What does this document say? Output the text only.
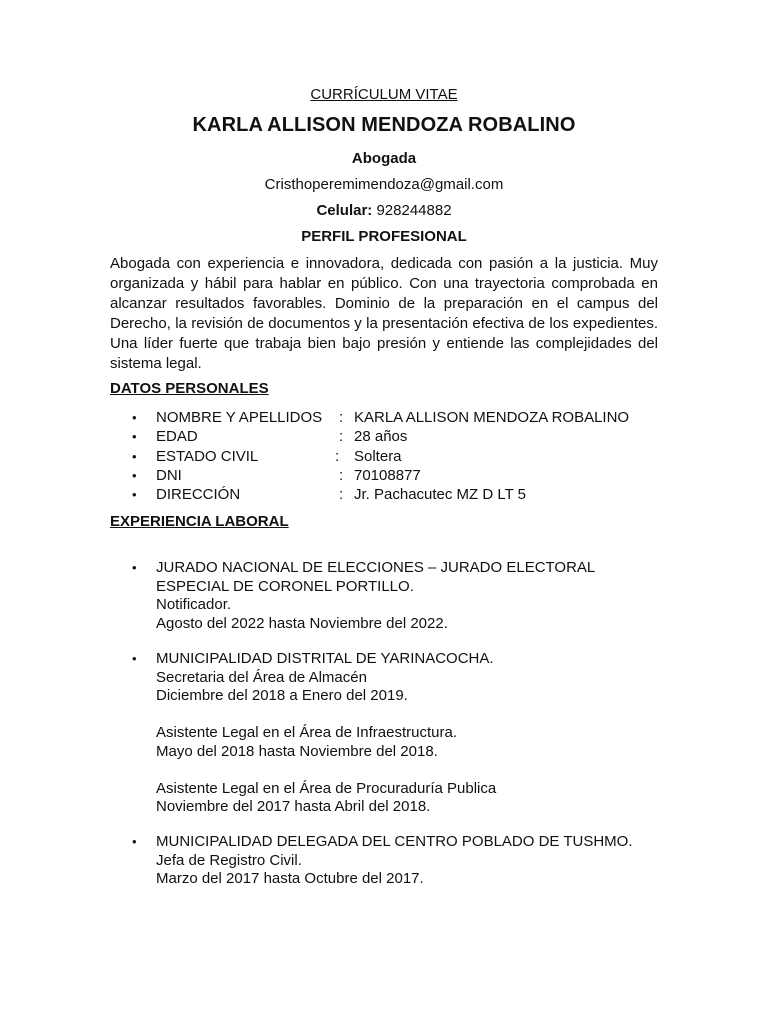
CURRÍCULUM VITAE
KARLA ALLISON MENDOZA ROBALINO
Abogada
Cristhoperemimendoza@gmail.com
Celular: 928244882
PERFIL PROFESIONAL
Abogada con experiencia e innovadora, dedicada con pasión a la justicia. Muy organizada y hábil para hablar en público. Con una trayectoria comprobada en alcanzar resultados favorables. Dominio de la preparación en el campus del Derecho, la revisión de documentos y la presentación efectiva de los expedientes. Una líder fuerte que trabaja bien bajo presión y entiende las complejidades del sistema legal.
DATOS PERSONALES
• NOMBRE Y APELLIDOS : KARLA ALLISON MENDOZA ROBALINO
• EDAD	: 28 años
• ESTADO CIVIL	: Soltera
• DNI	: 70108877
• DIRECCIÓN	: Jr. Pachacutec MZ D LT 5
EXPERIENCIA LABORAL
• JURADO NACIONAL DE ELECCIONES – JURADO ELECTORAL
ESPECIAL DE CORONEL PORTILLO.
Notificador.
Agosto del 2022 hasta Noviembre del 2022.
• MUNICIPALIDAD DISTRITAL DE YARINACOCHA.
Secretaria del Área de Almacén
Diciembre del 2018 a Enero del 2019.
Asistente Legal en el Área de Infraestructura.
Mayo del 2018 hasta Noviembre del 2018.
Asistente Legal en el Área de Procuraduría Publica
Noviembre del 2017 hasta Abril del 2018.
• MUNICIPALIDAD DELEGADA DEL CENTRO POBLADO DE TUSHMO.
Jefa de Registro Civil.
Marzo del 2017 hasta Octubre del 2017.
